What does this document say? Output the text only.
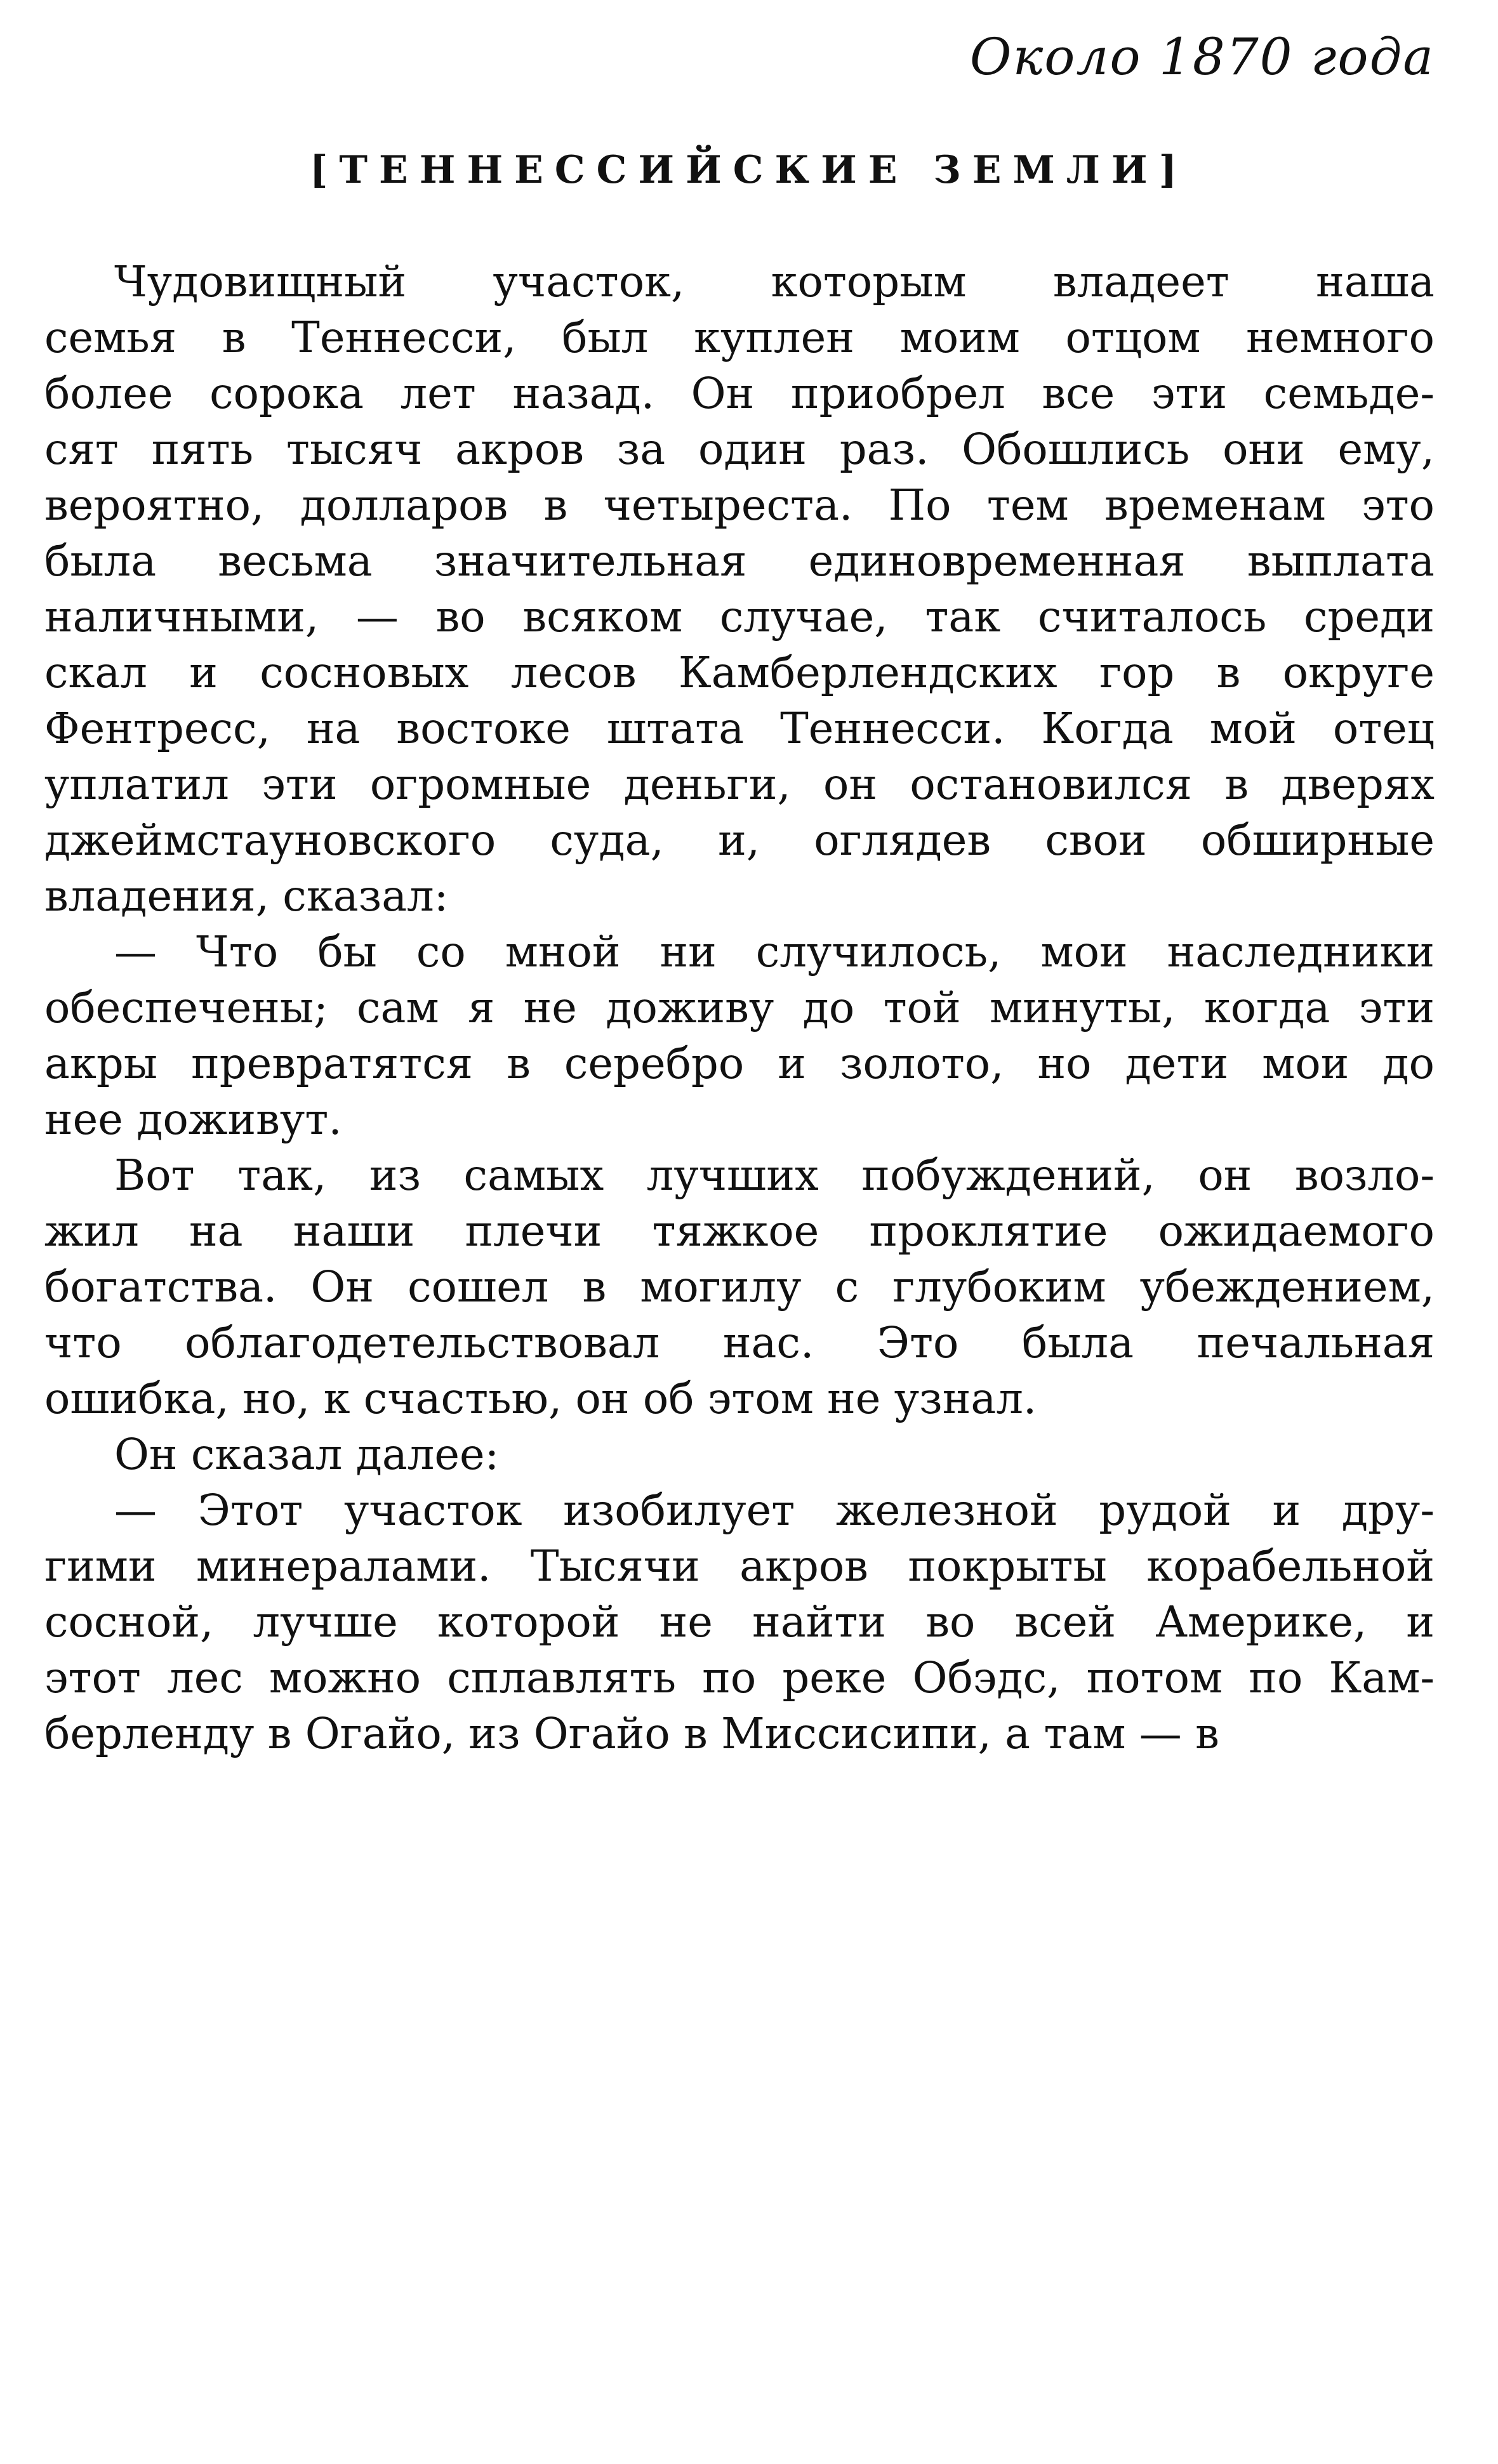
Около 1870 года
[ТЕННЕССИЙСКИЕ ЗЕМЛИ]
Чудовищный участок, которым владеет наша
семья в Теннесси, был куплен моим отцом немного
более сорока лет назад. Он приобрел все эти семьде-
сят пять тысяч акров за один раз. Обошлись они ему,
вероятно, долларов в четыреста. По тем временам это
была весьма значительная единовременная выплата
наличными, — во всяком случае, так считалось среди
скал и сосновых лесов Камберлендских гор в округе
Фентресс, на востоке штата Теннесси. Когда мой отец
уплатил эти огромные деньги, он остановился в дверях
джеймстауновского суда, и, оглядев свои обширные
владения, сказал:
— Что бы со мной ни случилось, мои наследники
обеспечены; сам я не доживу до той минуты, когда эти
акры превратятся в серебро и золото, но дети мои до
нее доживут.
Вот так, из самых лучших побуждений, он возло-
жил на наши плечи тяжкое проклятие ожидаемого
богатства. Он сошел в могилу с глубоким убеждением,
что облагодетельствовал нас. Это была печальная
ошибка, но, к счастью, он об этом не узнал.
Он сказал далее:
— Этот участок изобилует железной рудой и дру-
гими минералами. Тысячи акров покрыты корабельной
сосной, лучше которой не найти во всей Америке, и
этот лес можно сплавлять по реке Обэдс, потом по Кам-
берленду в Огайо, из Огайо в Миссисипи, а там — в
